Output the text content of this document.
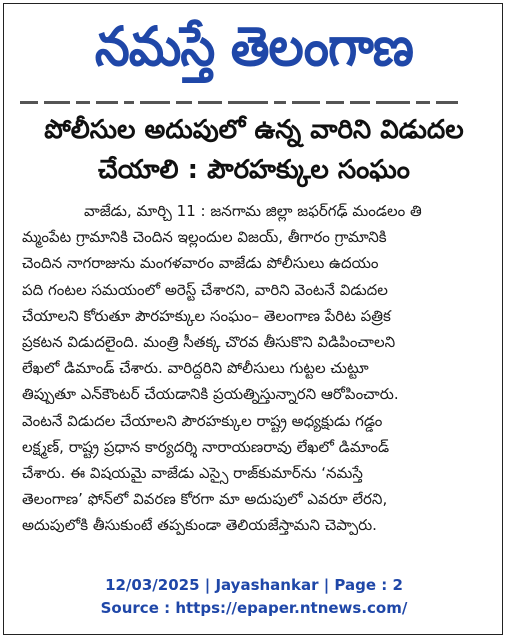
నమస్తే తెలంగాణ
పోలీసుల అదుపులో ఉన్న వారిని విడుదల
చేయాలి : పౌరహక్కుల సంఘం
వాజేడు, మార్చి 11 : జనగామ జిల్లా జఫర్‌గఢ్ మండలం తి
మ్మంపేట గ్రామానికి చెందిన ఇల్లందుల విజయ్, తీగారం గ్రామానికి
చెందిన నాగరాజును మంగళవారం వాజేడు పోలీసులు ఉదయం
పది గంటల సమయంలో అరెస్ట్ చేశారని, వారిని వెంటనే విడుదల
చేయాలని కోరుతూ పౌరహక్కుల సంఘం– తెలంగాణ పేరిట పత్రిక
ప్రకటన విడుదలైంది. మంత్రి సీతక్క చొరవ తీసుకొని విడిపించాలని
లేఖలో డిమాండ్ చేశారు. వారిద్దరిని పోలీసులు గుట్టల చుట్టూ
తిప్పుతూ ఎన్‌కౌంటర్ చేయడానికి ప్రయత్నిస్తున్నారని ఆరోపించారు.
వెంటనే విడుదల చేయాలని పౌరహక్కుల రాష్ట్ర అధ్యక్షుడు గడ్డం
లక్ష్మణ్, రాష్ట్ర ప్రధాన కార్యదర్శి నారాయణరావు లేఖలో డిమాండ్
చేశారు. ఈ విషయమై వాజేడు ఎస్సై రాజ్‌కుమార్‌ను ‘నమస్తే
తెలంగాణ’ ఫోన్‌లో వివరణ కోరగా మా అదుపులో ఎవరూ లేరని,
అదుపులోకి తీసుకుంటే తప్పకుండా తెలియజేస్తామని చెప్పారు.
12/03/2025 | Jayashankar | Page : 2
Source : https://epaper.ntnews.com/
